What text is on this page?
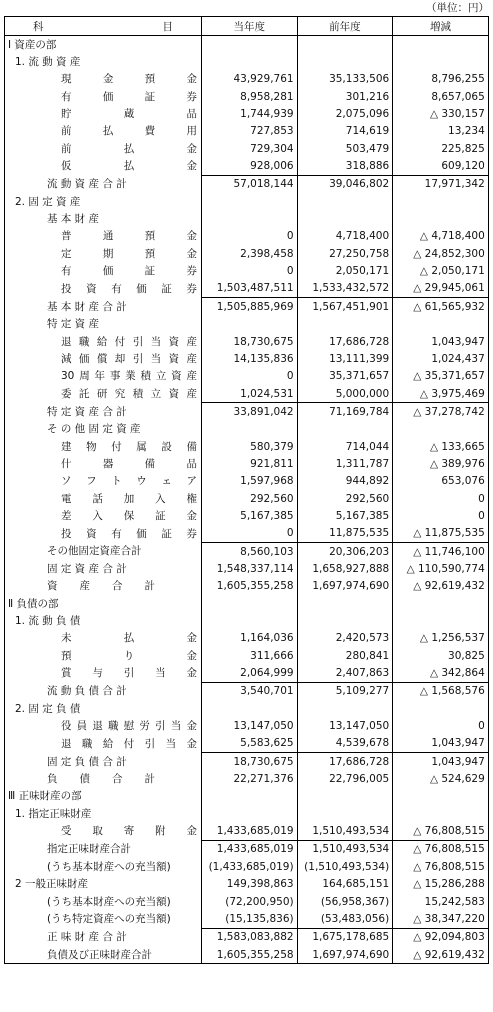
（単位：円）
科目	当年度	前年度	増減
Ⅰ 資産の部			
1. 流 動 資 産			
現 金 預 金	43,929,761	35,133,506	8,796,255
有 価 証 券	8,958,281	301,216	8,657,065
貯 蔵 品	1,744,939	2,075,096	△ 330,157
前 払 費 用	727,853	714,619	13,234
前 払 金	729,304	503,479	225,825
仮 払 金	928,006	318,886	609,120
流 動 資 産 合 計	57,018,144	39,046,802	17,971,342
2. 固 定 資 産			
基 本 財 産			
普 通 預 金	0	4,718,400	△ 4,718,400
定 期 預 金	2,398,458	27,250,758	△ 24,852,300
有 価 証 券	0	2,050,171	△ 2,050,171
投 資 有 価 証 券	1,503,487,511	1,533,432,572	△ 29,945,061
基 本 財 産 合 計	1,505,885,969	1,567,451,901	△ 61,565,932
特 定 資 産			
退職給付引当資産	18,730,675	17,686,728	1,043,947
減価償却引当資産	14,135,836	13,111,399	1,024,437
30周年事業積立資産	0	35,371,657	△ 35,371,657
委託研究積立資産	1,024,531	5,000,000	△ 3,975,469
特 定 資 産 合 計	33,891,042	71,169,784	△ 37,278,742
そ の 他 固 定 資 産			
建 物 付 属 設 備	580,379	714,044	△ 133,665
什 器 備 品	921,811	1,311,787	△ 389,976
ソ フ ト ウ ェ ア	1,597,968	944,892	653,076
電 話 加 入 権	292,560	292,560	0
差 入 保 証 金	5,167,385	5,167,385	0
投 資 有 価 証 券	0	11,875,535	△ 11,875,535
その他固定資産合計	8,560,103	20,306,203	△ 11,746,100
固 定 資 産 合 計	1,548,337,114	1,658,927,888	△ 110,590,774
資 産 合 計	1,605,355,258	1,697,974,690	△ 92,619,432
Ⅱ 負債の部			
1. 流 動 負 債			
未 払 金	1,164,036	2,420,573	△ 1,256,537
預 り 金	311,666	280,841	30,825
賞 与 引 当 金	2,064,999	2,407,863	△ 342,864
流 動 負 債 合 計	3,540,701	5,109,277	△ 1,568,576
2. 固 定 負 債			
役員退職慰労引当金	13,147,050	13,147,050	0
退 職 給 付 引 当 金	5,583,625	4,539,678	1,043,947
固 定 負 債 合 計	18,730,675	17,686,728	1,043,947
負 債 合 計	22,271,376	22,796,005	△ 524,629
Ⅲ 正味財産の部			
1. 指定正味財産			
受 取 寄 附 金	1,433,685,019	1,510,493,534	△ 76,808,515
指定正味財産合計	1,433,685,019	1,510,493,534	△ 76,808,515
(うち基本財産への充当額)	(1,433,685,019)	(1,510,493,534)	△ 76,808,515
2 一般正味財産	149,398,863	164,685,151	△ 15,286,288
(うち基本財産への充当額)	(72,200,950)	(56,958,367)	15,242,583
(うち特定資産への充当額)	(15,135,836)	(53,483,056)	△ 38,347,220
正 味 財 産 合 計	1,583,083,882	1,675,178,685	△ 92,094,803
負債及び正味財産合計	1,605,355,258	1,697,974,690	△ 92,619,432
